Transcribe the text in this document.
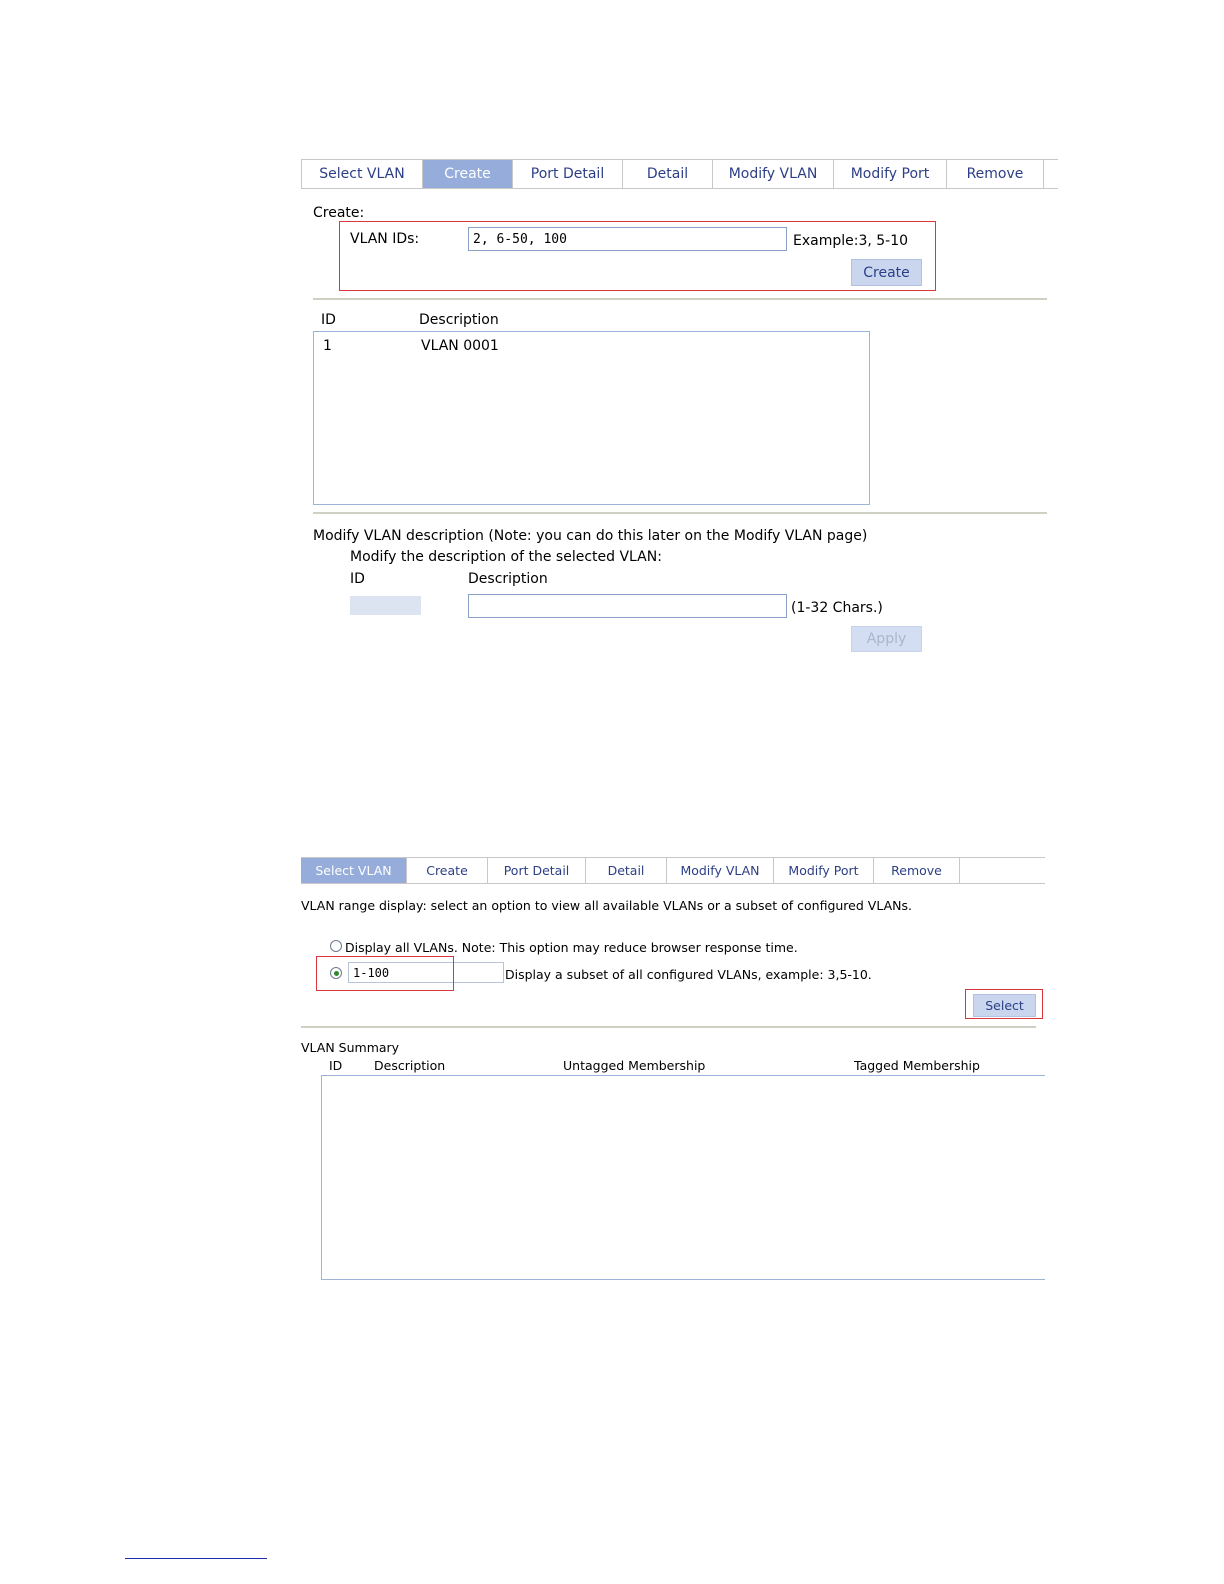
Select VLAN	Create	Port Detail	Detail	Modify VLAN	Modify Port	Remove
Create:
VLAN IDs:
2, 6-50, 100	Example:3, 5-10
Create
ID	Description
1	VLAN 0001
Modify VLAN description (Note: you can do this later on the Modify VLAN page)
Modify the description of the selected VLAN:
ID	Description
(1-32 Chars.)
Apply
Select VLAN	Create	Port Detail	Detail	Modify VLAN	Modify Port	Remove
VLAN range display: select an option to view all available VLANs or a subset of configured VLANs.
Display all VLANs. Note: This option may reduce browser response time.
1-100
Display a subset of all configured VLANs, example: 3,5-10.
Select
VLAN Summary
ID	Description	Untagged Membership	Tagged Membership
